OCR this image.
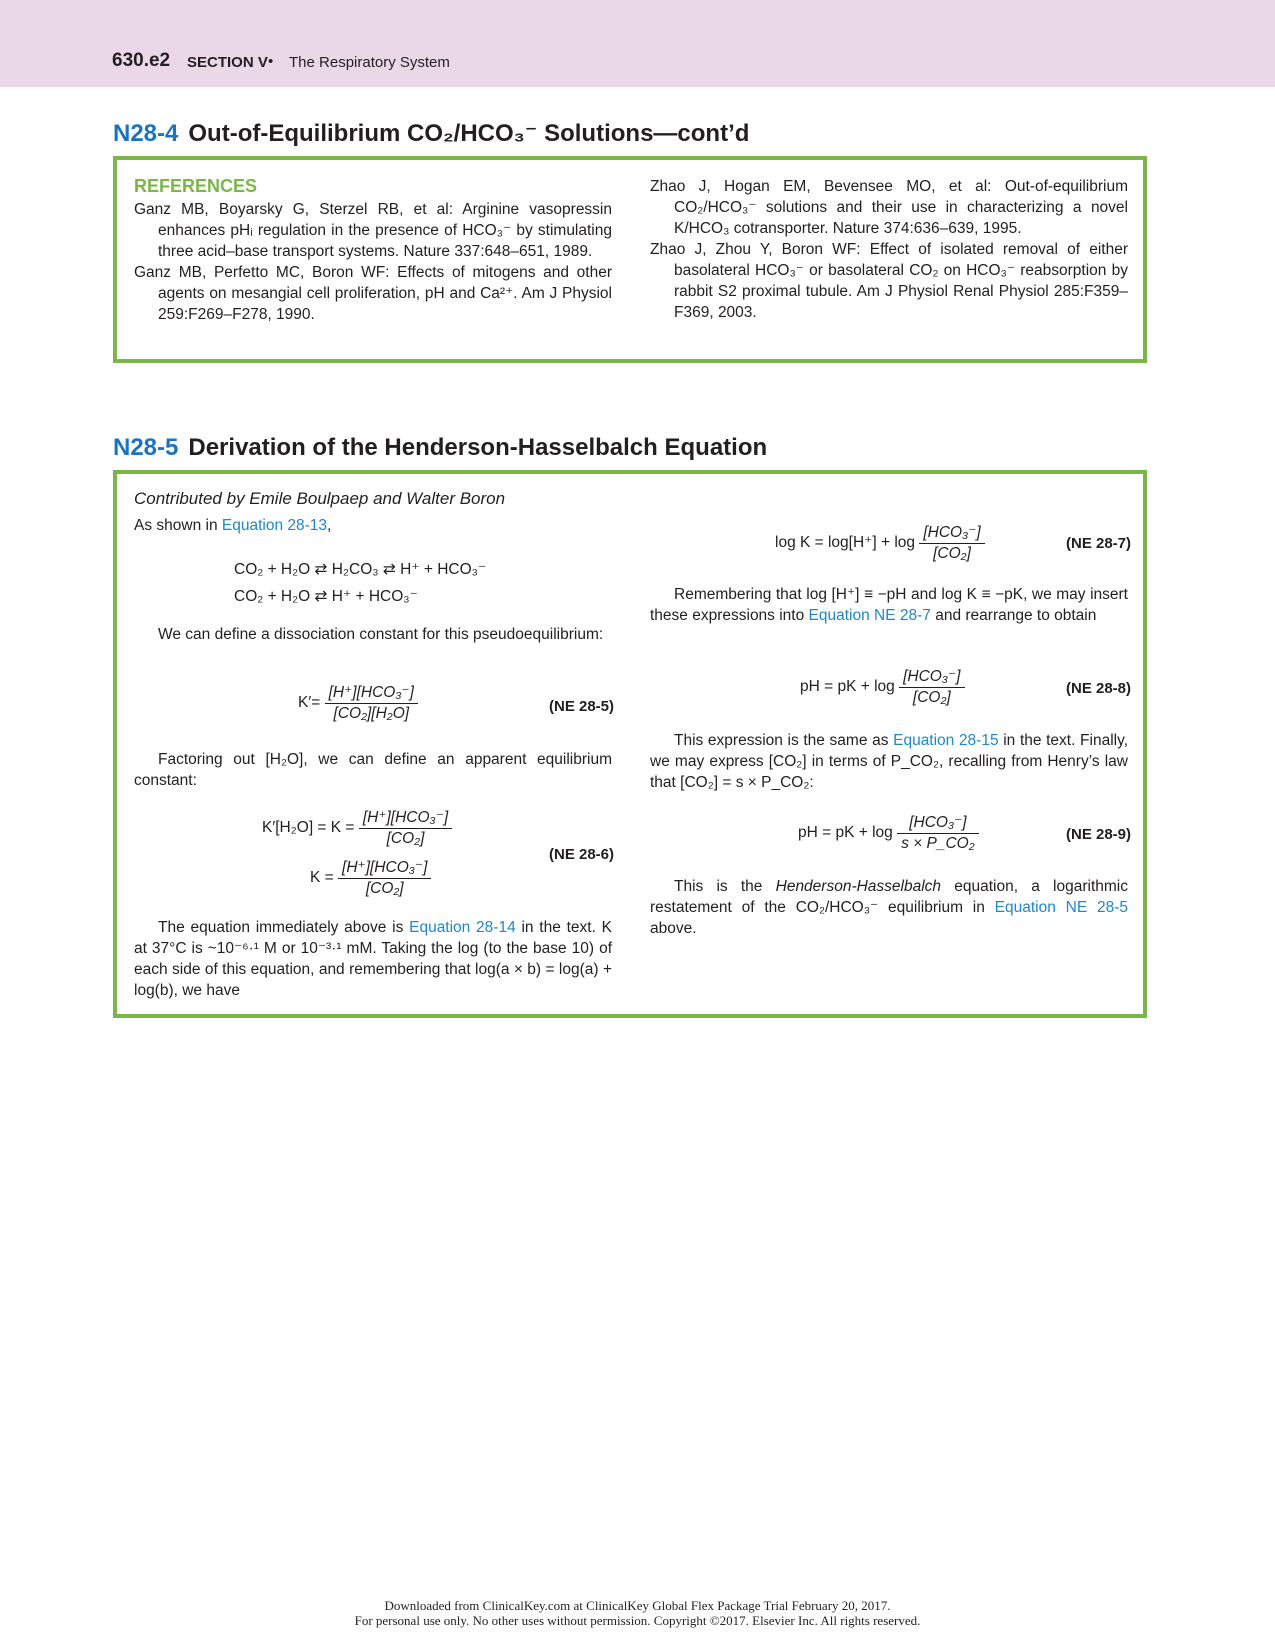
630.e2 SECTION V • The Respiratory System
N28-4 Out-of-Equilibrium CO₂/HCO₃⁻ Solutions—cont’d
REFERENCES

Ganz MB, Boyarsky G, Sterzel RB, et al: Arginine vasopressin enhances pHᵢ regulation in the presence of HCO₃⁻ by stimulating three acid–base transport systems. Nature 337:648–651, 1989.

Ganz MB, Perfetto MC, Boron WF: Effects of mitogens and other agents on mesangial cell proliferation, pH and Ca²⁺. Am J Physiol 259:F269–F278, 1990.

Zhao J, Hogan EM, Bevensee MO, et al: Out-of-equilibrium CO₂/HCO₃⁻ solutions and their use in characterizing a novel K/HCO₃ cotransporter. Nature 374:636–639, 1995.

Zhao J, Zhou Y, Boron WF: Effect of isolated removal of either basolateral HCO₃⁻ or basolateral CO₂ on HCO₃⁻ reabsorption by rabbit S2 proximal tubule. Am J Physiol Renal Physiol 285:F359–F369, 2003.

N28-5 Derivation of the Henderson-Hasselbalch Equation
Contributed by Emile Boulpaep and Walter Boron

As shown in Equation 28-13,

CO₂ + H₂O ⇄ H₂CO₃ ⇄ H⁺ + HCO₃⁻
CO₂ + H₂O ⇄ H⁺ + HCO₃⁻

We can define a dissociation constant for this pseudoequilibrium:

$K'= \frac{\text{[H⁺][HCO₃⁻]}}{\text{[CO₂][H₂O]}}$	(NE 28-5)

Factoring out [H₂O], we can define an apparent equilibrium constant:

$K'[H_2O] = K = \frac{\text{[H⁺][HCO₃⁻]}}{\text{[CO₂]}}$
$K = \frac{\text{[H⁺][HCO₃⁻]}}{\text{[CO₂]}}$
(NE 28-6)

The equation immediately above is Equation 28-14 in the text. K at 37°C is ~10⁻⁶·¹ M or 10⁻³·¹ mM. Taking the log (to the base 10) of each side of this equation, and remembering that log(a × b) = log(a) + log(b), we have

$\log K = \log[H^+] + \log \frac{\text{[HCO₃⁻]}}{\text{[CO₂]}}$	(NE 28-7)

Remembering that log [H⁺] ≡ −pH and log K ≡ −pK, we may insert these expressions into Equation NE 28-7 and rearrange to obtain

pH = pK + $\log \frac{\text{[HCO₃⁻]}}{\text{[CO₂]}}$	(NE 28-8)

This expression is the same as Equation 28-15 in the text. Finally, we may express [CO₂] in terms of P_CO₂, recalling from Henry’s law that [CO₂] = s × P_CO₂:

pH = pK + $\log \frac{\text{[HCO₃⁻]}}{\text{s × P\_CO₂}}$	(NE 28-9)

This is the Henderson-Hasselbalch equation, a logarithmic restatement of the CO₂/HCO₃⁻ equilibrium in Equation NE 28-5 above.

Downloaded from ClinicalKey.com at ClinicalKey Global Flex Package Trial February 20, 2017.
For personal use only. No other uses without permission. Copyright ©2017. Elsevier Inc. All rights reserved.
